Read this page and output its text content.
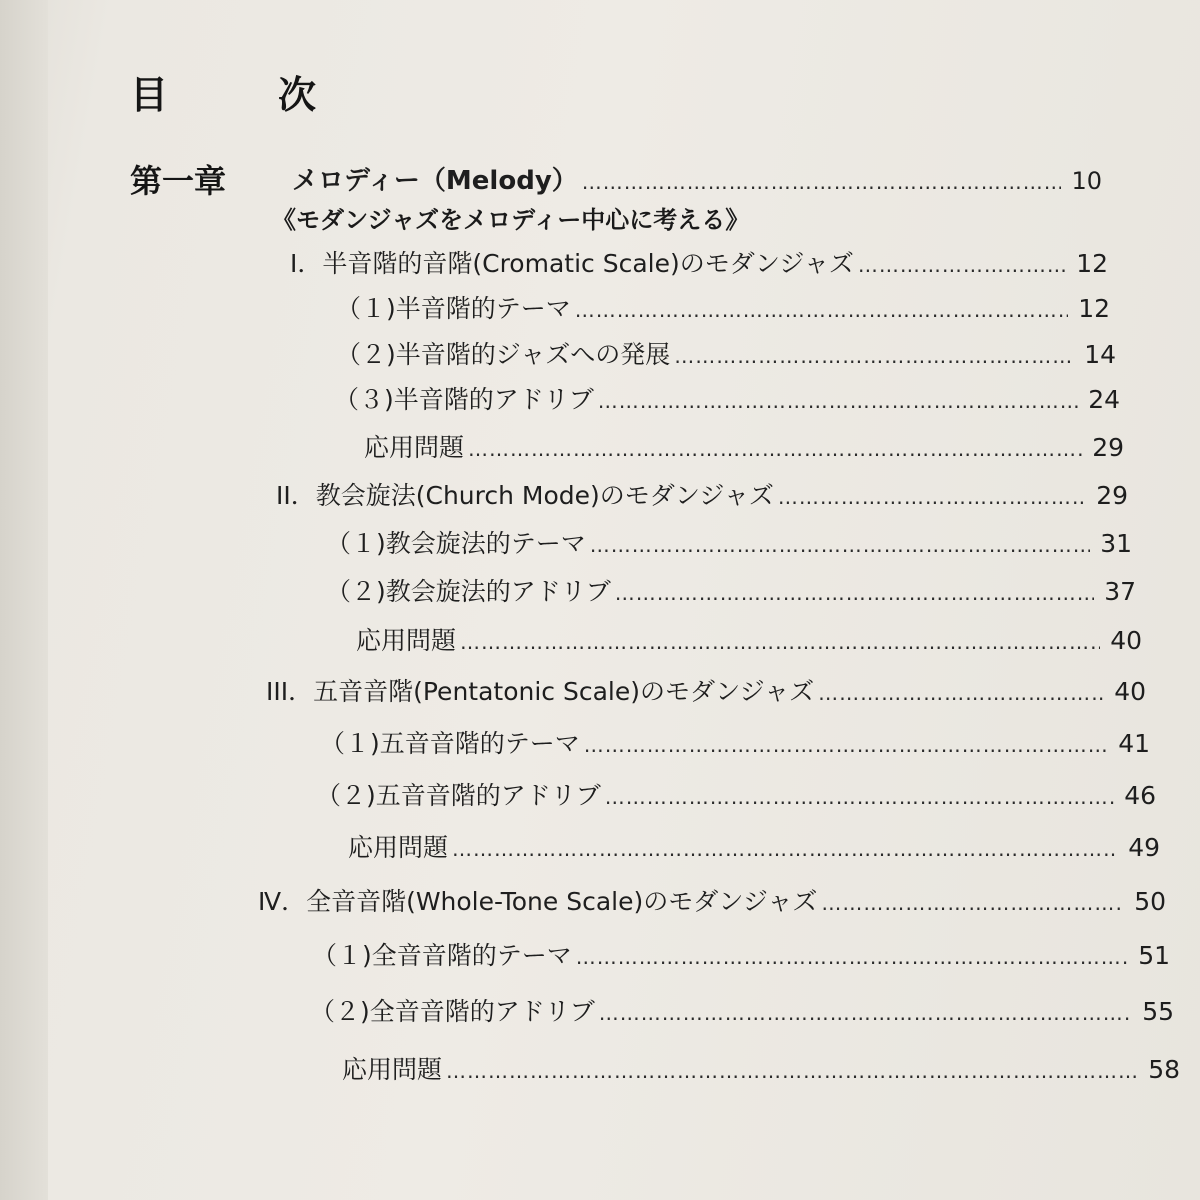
目　次
第一章	メロディー（Melody） ………………………………………………………………………………………………………………………………	10
《モダンジャズをメロディー中心に考える》
Ⅰ．半音階的音階(Cromatic Scale)のモダンジャズ ………………………………………………………………………………………………………………………………	12
（１)半音階的テーマ ………………………………………………………………………………………………………………………………	12
（２)半音階的ジャズへの発展 ………………………………………………………………………………………………………………………………	14
（３)半音階的アドリブ ………………………………………………………………………………………………………………………………	24
応用問題 ………………………………………………………………………………………………………………………………	29
II．教会旋法(Church Mode)のモダンジャズ ………………………………………………………………………………………………………………………………	29
（１)教会旋法的テーマ ………………………………………………………………………………………………………………………………	31
（２)教会旋法的アドリブ ………………………………………………………………………………………………………………………………	37
応用問題 ………………………………………………………………………………………………………………………………	40
III．五音音階(Pentatonic Scale)のモダンジャズ ………………………………………………………………………………………………………………………………	40
（１)五音音階的テーマ ………………………………………………………………………………………………………………………………	41
（２)五音音階的アドリブ ………………………………………………………………………………………………………………………………	46
応用問題 ………………………………………………………………………………………………………………………………	49
Ⅳ．全音音階(Whole-Tone Scale)のモダンジャズ ………………………………………………………………………………………………………………………………	50
（１)全音音階的テーマ ………………………………………………………………………………………………………………………………	51
（２)全音音階的アドリブ ………………………………………………………………………………………………………………………………	55
応用問題 ………………………………………………………………………………………………………………………………	58
